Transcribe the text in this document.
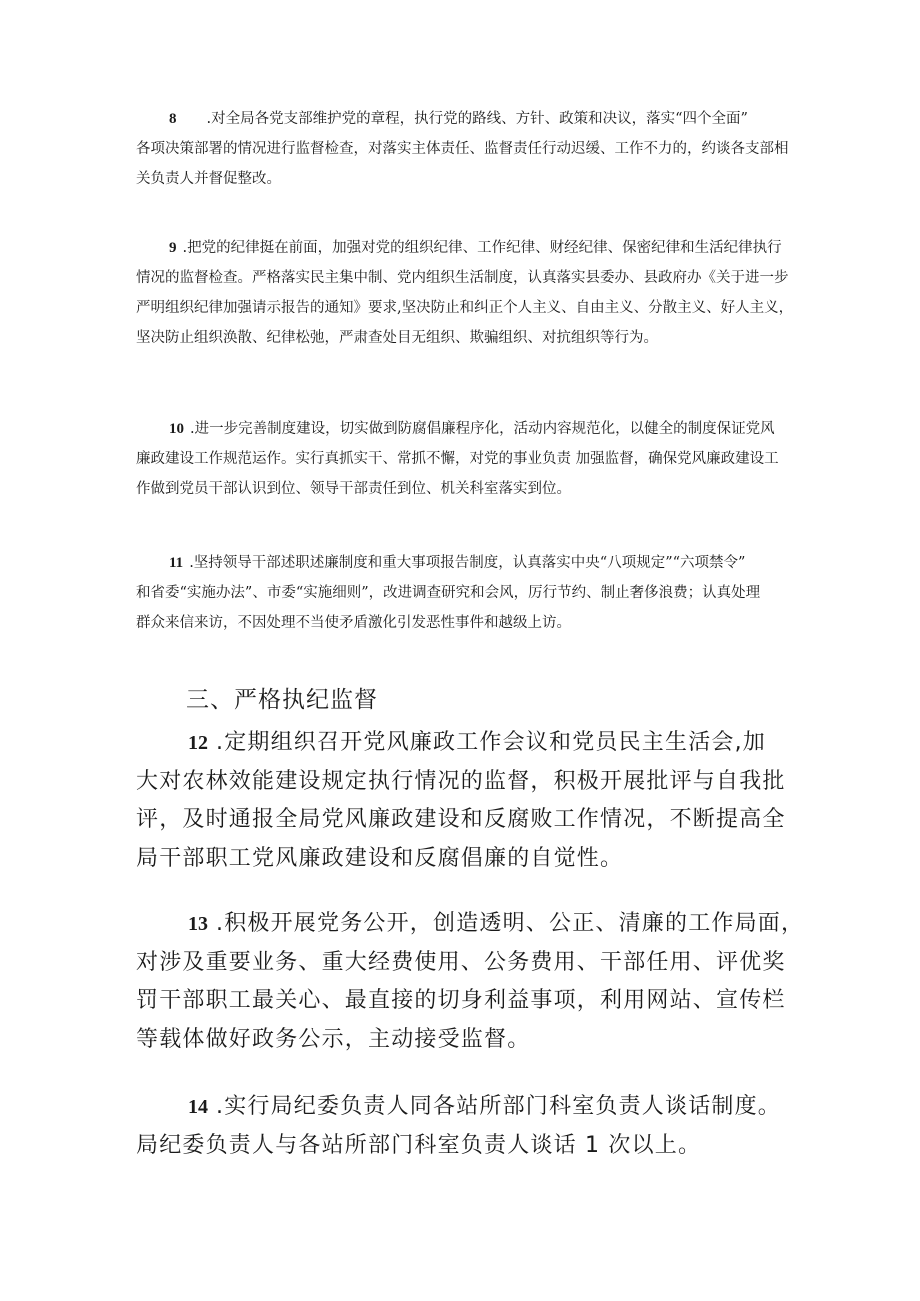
8 .对全局各党支部维护党的章程，执行党的路线、方针、政策和决议，落实“四个全面”

各项决策部署的情况进行监督检查，对落实主体责任、监督责任行动迟缓、工作不力的，约谈各支部相

关负责人并督促整改。

9 .把党的纪律挺在前面，加强对党的组织纪律、工作纪律、财经纪律、保密纪律和生活纪律执行

情况的监督检查。严格落实民主集中制、党内组织生活制度，认真落实县委办、县政府办《关于进一步

严明组织纪律加强请示报告的通知》要求,坚决防止和纠正个人主义、自由主义、分散主义、好人主义，

坚决防止组织涣散、纪律松弛，严肃查处目无组织、欺骗组织、对抗组织等行为。

10 .进一步完善制度建设，切实做到防腐倡廉程序化，活动内容规范化，以健全的制度保证党风

廉政建设工作规范运作。实行真抓实干、常抓不懈，对党的事业负责 加强监督，确保党风廉政建设工

作做到党员干部认识到位、领导干部责任到位、机关科室落实到位。

11 .坚持领导干部述职述廉制度和重大事项报告制度，认真落实中央“八项规定”“六项禁令”

和省委“实施办法”、市委“实施细则”，改进调查研究和会风，厉行节约、制止奢侈浪费；认真处理

群众来信来访，不因处理不当使矛盾激化引发恶性事件和越级上访。

三、严格执纪监督
12 .定期组织召开党风廉政工作会议和党员民主生活会,加
大对农林效能建设规定执行情况的监督，积极开展批评与自我批
评，及时通报全局党风廉政建设和反腐败工作情况，不断提高全
局干部职工党风廉政建设和反腐倡廉的自觉性。
13 .积极开展党务公开，创造透明、公正、清廉的工作局面，
对涉及重要业务、重大经费使用、公务费用、干部任用、评优奖
罚干部职工最关心、最直接的切身利益事项，利用网站、宣传栏
等载体做好政务公示，主动接受监督。
14 .实行局纪委负责人同各站所部门科室负责人谈话制度。
局纪委负责人与各站所部门科室负责人谈话 1 次以上。
